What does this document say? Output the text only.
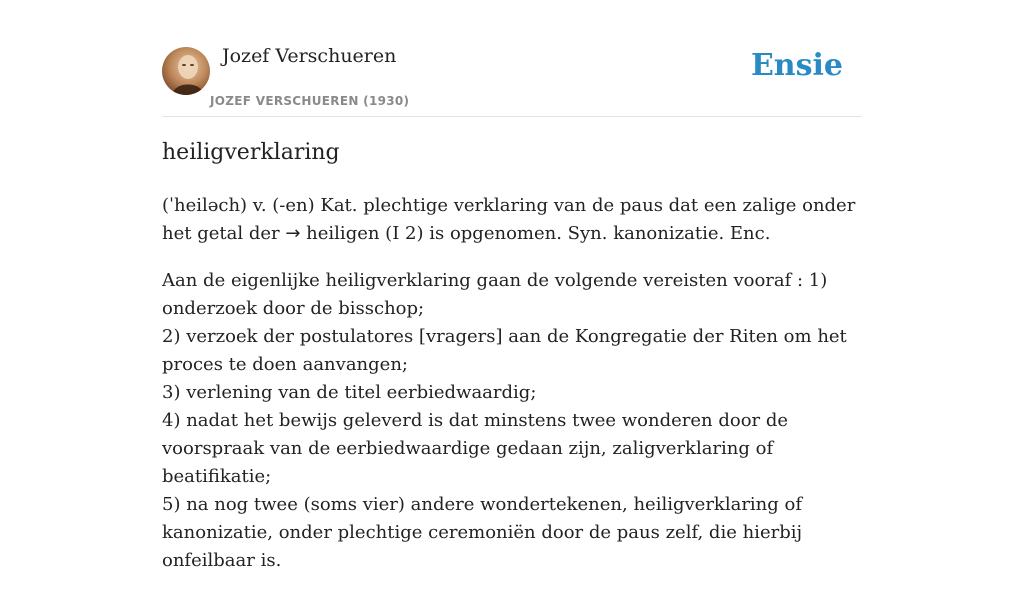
Jozef Verschueren

JOZEF VERSCHUEREN (1930)

Ensie
heiligverklaring

(ˈheiləch) v. (-en) Kat. plechtige verklaring van de paus dat een zalige onder het getal der → heiligen (I 2) is opgenomen. Syn. kanonizatie. Enc.

Aan de eigenlijke heiligverklaring gaan de volgende vereisten vooraf : 1) onderzoek door de bisschop;
2) verzoek der postulatores [vragers] aan de Kongregatie der Riten om het proces te doen aanvangen;
3) verlening van de titel eerbiedwaardig;
4) nadat het bewijs geleverd is dat minstens twee wonderen door de voorspraak van de eerbiedwaardige gedaan zijn, zaligverklaring of beatifikatie;
5) na nog twee (soms vier) andere wondertekenen, heiligverklaring of kanonizatie, onder plechtige ceremoniën door de paus zelf, die hierbij onfeilbaar is.
